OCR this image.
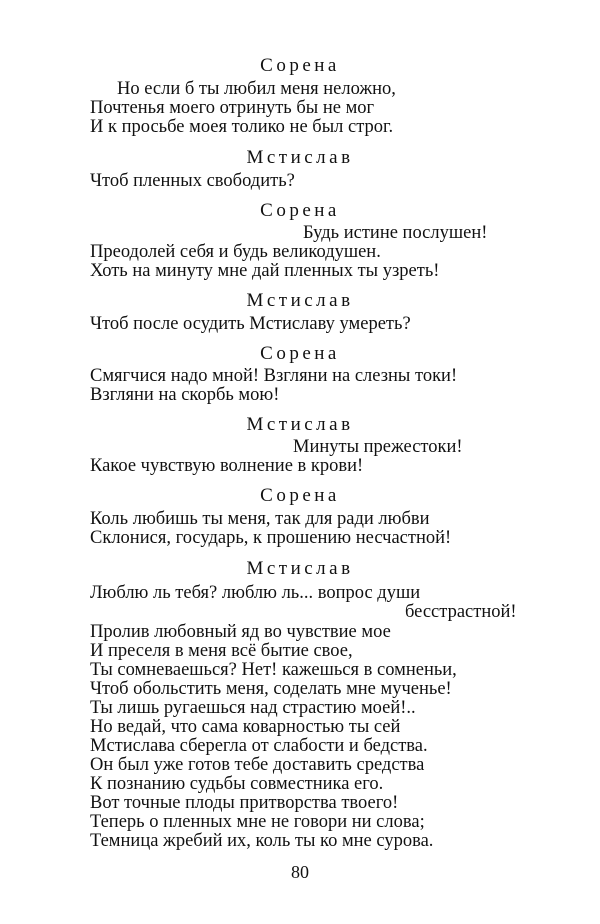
Сорена
Но если б ты любил меня неложно,
Почтенья моего отринуть бы не мог
И к просьбе моея толико не был строг.
Мстислав
Чтоб пленных свободить?
Сорена
Будь истине послушен!
Преодолей себя и будь великодушен.
Хоть на минуту мне дай пленных ты узреть!
Мстислав
Чтоб после осудить Мстиславу умереть?
Сорена
Смягчися надо мной! Взгляни на слезны токи!
Взгляни на скорбь мою!
Мстислав
Минуты прежестоки!
Какое чувствую волнение в крови!
Сорена
Коль любишь ты меня, так для ради любви
Склонися, государь, к прошению несчастной!
Мстислав
Люблю ль тебя? люблю ль... вопрос души
бесстрастной!
Пролив любовный яд во чувствие мое
И преселя в меня всё бытие свое,
Ты сомневаешься? Нет! кажешься в сомненьи,
Чтоб обольстить меня, соделать мне мученье!
Ты лишь ругаешься над страстию моей!..
Но ведай, что сама коварностью ты сей
Мстислава сберегла от слабости и бедства.
Он был уже готов тебе доставить средства
К познанию судьбы совместника его.
Вот точные плоды притворства твоего!
Теперь о пленных мне не говори ни слова;
Темница жребий их, коль ты ко мне сурова.
80
